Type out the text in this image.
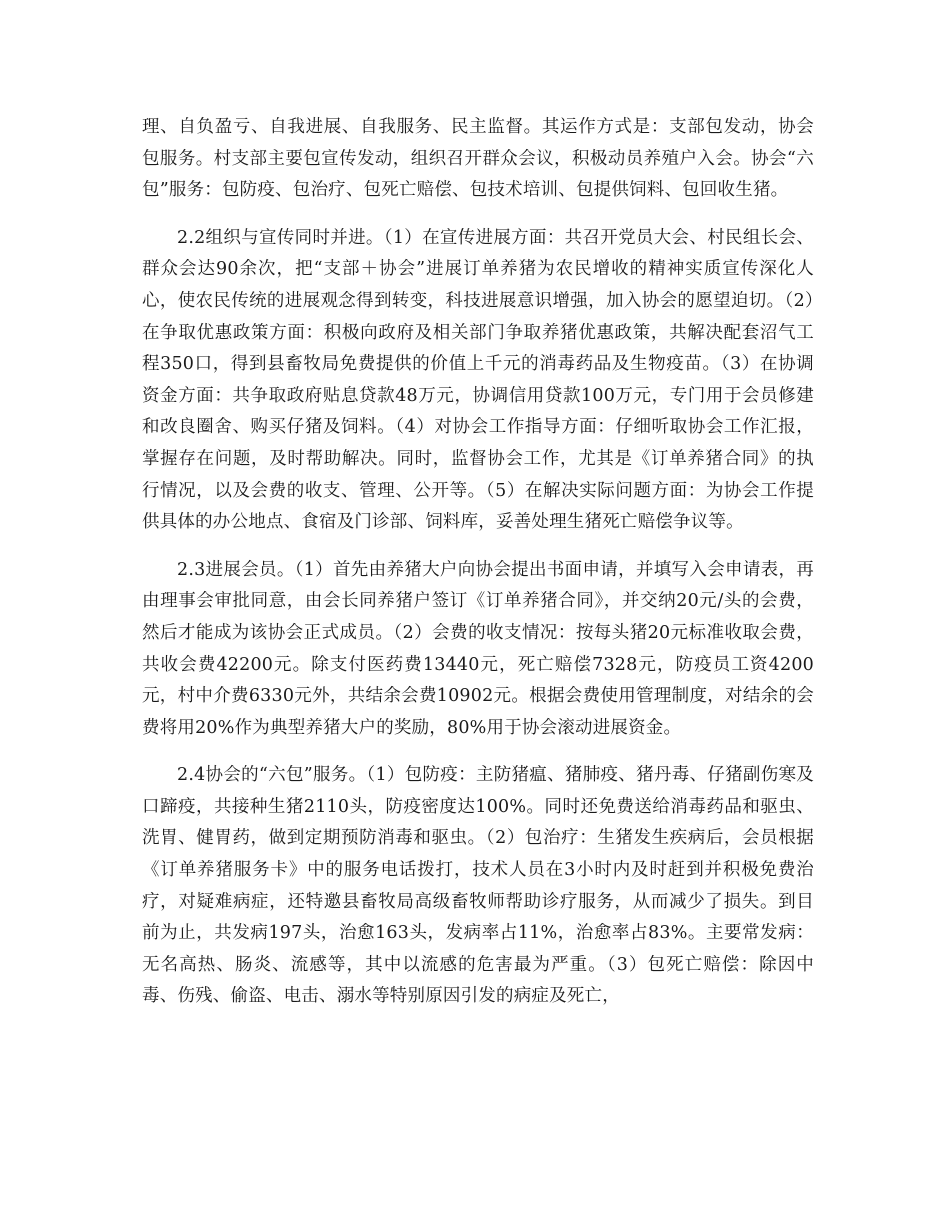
理、自负盈亏、自我进展、自我服务、民主监督。其运作方式是：支部包发动，协会包服务。村支部主要包宣传发动，组织召开群众会议，积极动员养殖户入会。协会“六包”服务：包防疫、包治疗、包死亡赔偿、包技术培训、包提供饲料、包回收生猪。

2.2组织与宣传同时并进。（1）在宣传进展方面：共召开党员大会、村民组长会、群众会达90余次，把“支部＋协会”进展订单养猪为农民增收的精神实质宣传深化人心，使农民传统的进展观念得到转变，科技进展意识增强，加入协会的愿望迫切。（2）在争取优惠政策方面：积极向政府及相关部门争取养猪优惠政策，共解决配套沼气工程350口，得到县畜牧局免费提供的价值上千元的消毒药品及生物疫苗。（3）在协调资金方面：共争取政府贴息贷款48万元，协调信用贷款100万元，专门用于会员修建和改良圈舍、购买仔猪及饲料。（4）对协会工作指导方面：仔细听取协会工作汇报，掌握存在问题，及时帮助解决。同时，监督协会工作，尤其是《订单养猪合同》的执行情况，以及会费的收支、管理、公开等。（5）在解决实际问题方面：为协会工作提供具体的办公地点、食宿及门诊部、饲料库，妥善处理生猪死亡赔偿争议等。

2.3进展会员。（1）首先由养猪大户向协会提出书面申请，并填写入会申请表，再由理事会审批同意，由会长同养猪户签订《订单养猪合同》，并交纳20元/头的会费，然后才能成为该协会正式成员。（2）会费的收支情况：按每头猪20元标准收取会费，共收会费42200元。除支付医药费13440元，死亡赔偿7328元，防疫员工资4200元，村中介费6330元外，共结余会费10902元。根据会费使用管理制度，对结余的会费将用20%作为典型养猪大户的奖励，80%用于协会滚动进展资金。

2.4协会的“六包”服务。（1）包防疫：主防猪瘟、猪肺疫、猪丹毒、仔猪副伤寒及口蹄疫，共接种生猪2110头，防疫密度达100%。同时还免费送给消毒药品和驱虫、洗胃、健胃药，做到定期预防消毒和驱虫。（2）包治疗：生猪发生疾病后，会员根据《订单养猪服务卡》中的服务电话拨打，技术人员在3小时内及时赶到并积极免费治疗，对疑难病症，还特邀县畜牧局高级畜牧师帮助诊疗服务，从而减少了损失。到目前为止，共发病197头，治愈163头，发病率占11%，治愈率占83%。主要常发病：无名高热、肠炎、流感等，其中以流感的危害最为严重。（3）包死亡赔偿：除因中毒、伤残、偷盗、电击、溺水等特别原因引发的病症及死亡，
